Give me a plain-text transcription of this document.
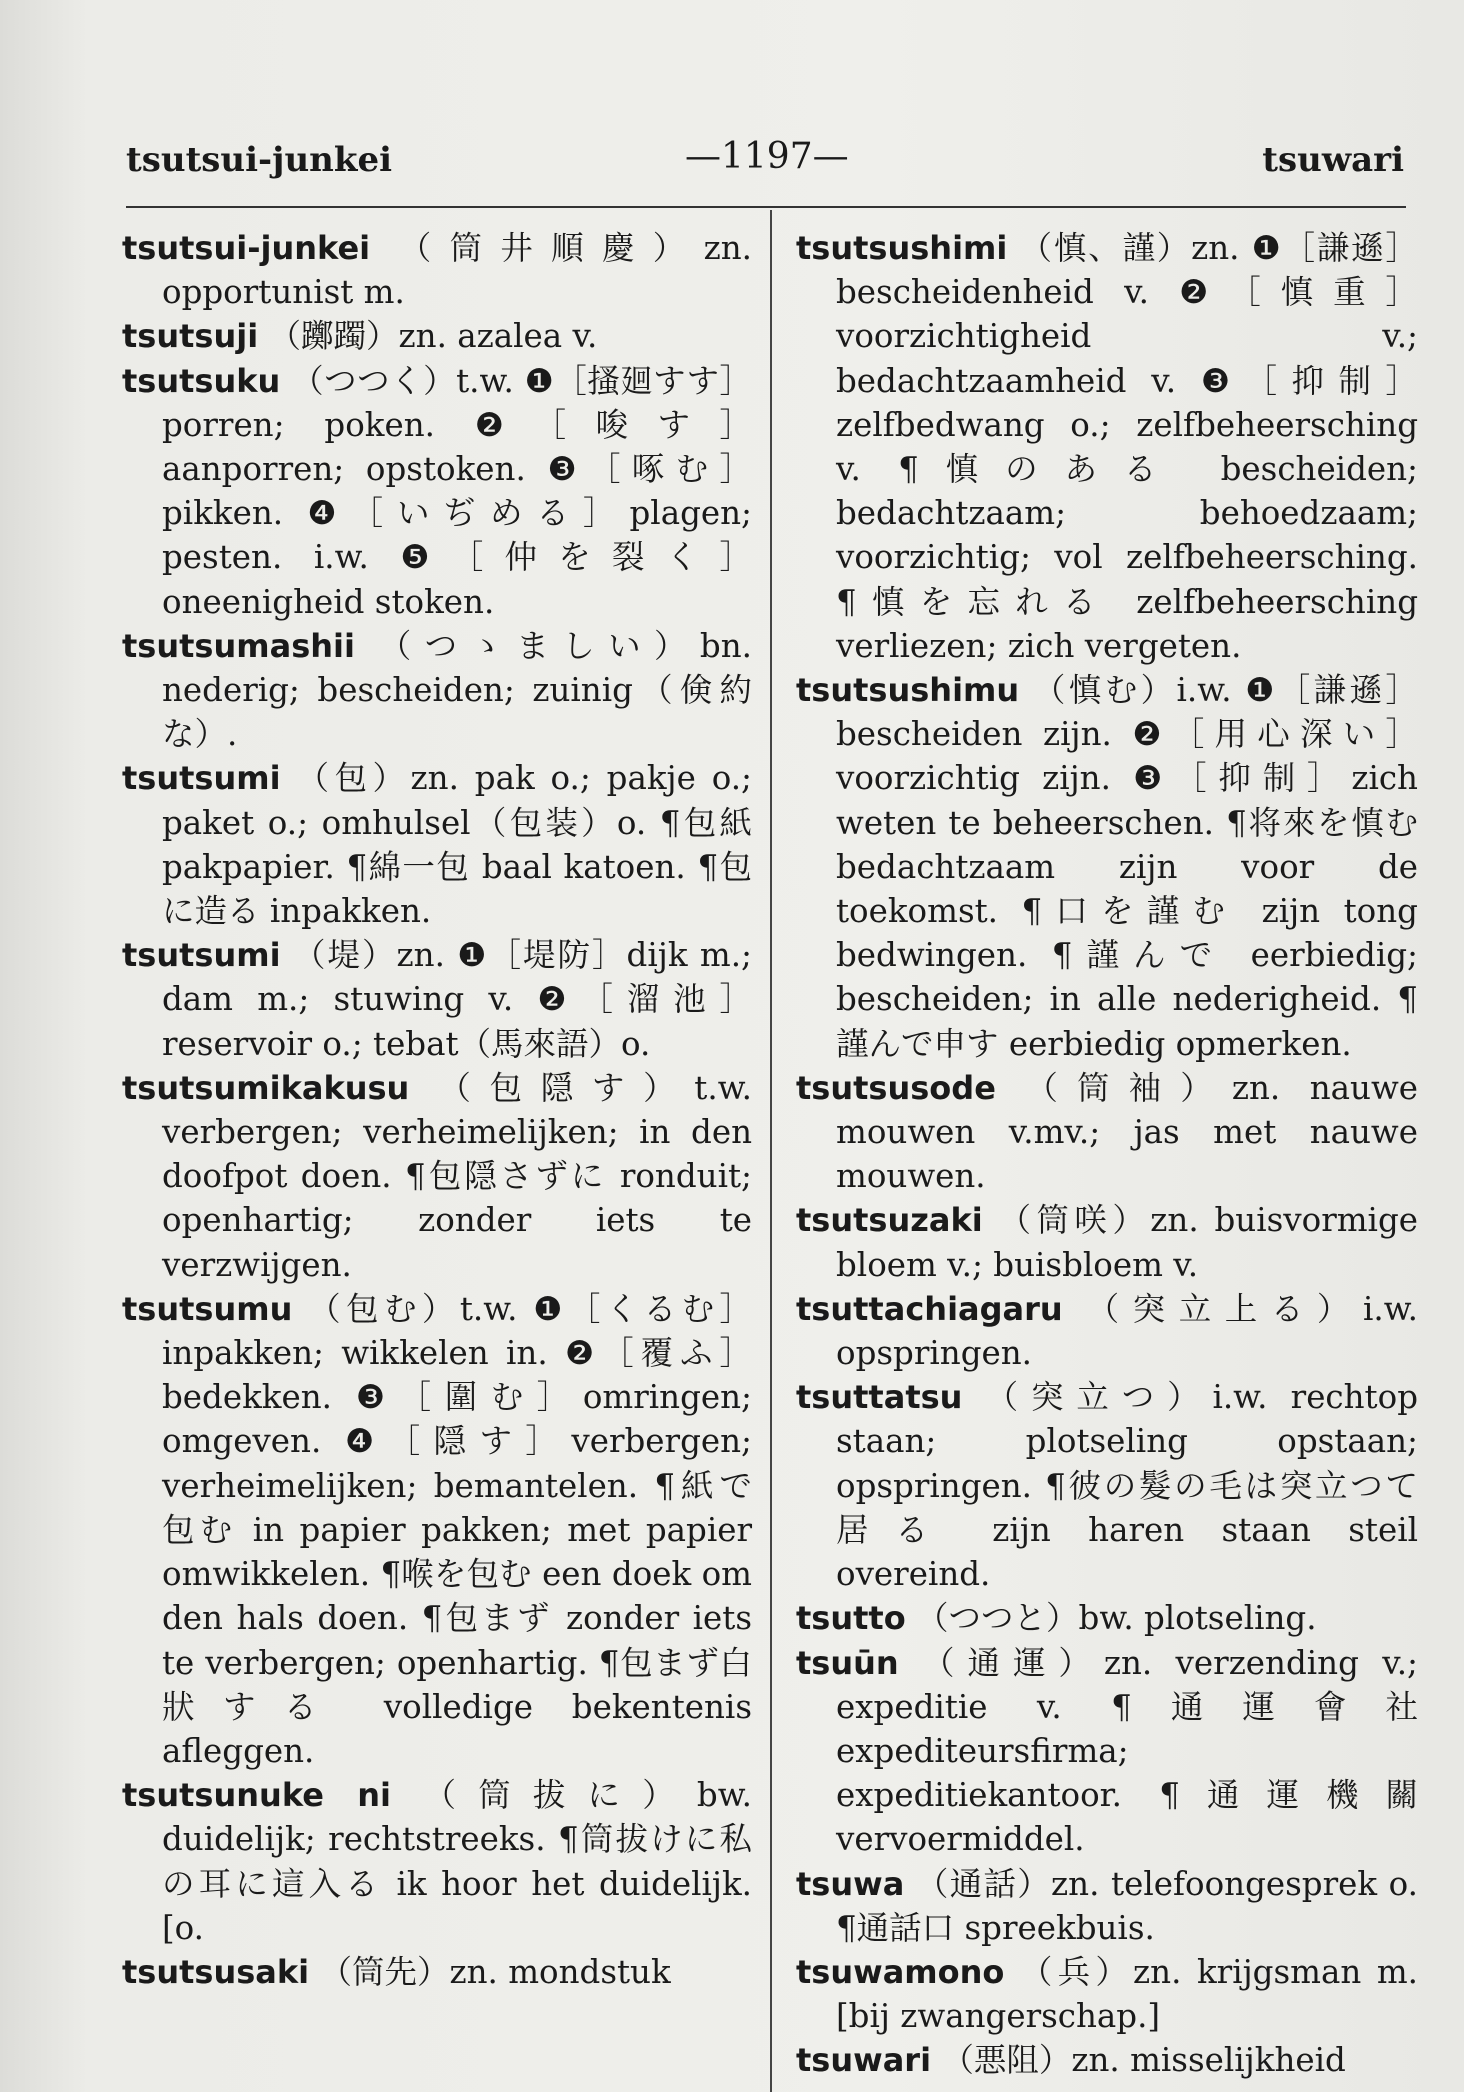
tsutsui-junkei	—1197—	tsuwari

tsutsui-junkei （筒井順慶）zn. opportunist m.

tsutsuji （躑躅）zn. azalea v.

tsutsuku （つつく）t.w. ❶［搔廻すす］porren; poken. ❷［唆す］aanporren; opstoken. ❸［啄む］pikken. ❹［いぢめる］plagen; pesten. i.w. ❺［仲を裂く］oneenigheid stoken.

tsutsumashii （つゝましい）bn. nederig; bescheiden; zuinig（倹約な）.

tsutsumi （包）zn. pak o.; pakje o.; paket o.; omhulsel（包装）o. ¶包紙 pakpapier. ¶綿一包 baal katoen. ¶包に造る inpakken.

tsutsumi （堤）zn. ❶［堤防］dijk m.; dam m.; stuwing v. ❷［溜池］reservoir o.; tebat（馬來語）o.

tsutsumikakusu （包隠す）t.w. verbergen; verheimelijken; in den doofpot doen. ¶包隠さずに ronduit; openhartig; zonder iets te verzwijgen.

tsutsumu （包む）t.w. ❶［くるむ］inpakken; wikkelen in. ❷［覆ふ］bedekken. ❸［圍む］omringen; omgeven. ❹［隠す］verbergen; verheimelijken; bemantelen. ¶紙で包む in papier pakken; met papier omwikkelen. ¶喉を包む een doek om den hals doen. ¶包まず zonder iets te verbergen; openhartig. ¶包まず白狀する volledige bekentenis afleggen.

tsutsunuke ni （筒拔に）bw. duidelijk; rechtstreeks. ¶筒拔けに私の耳に這入る ik hoor het duidelijk. [o.

tsutsusaki （筒先）zn. mondstuk

tsutsushimi （慎、謹）zn. ❶［謙遜］bescheidenheid v. ❷［慎重］voorzichtigheid v.; bedachtzaamheid v. ❸［抑制］zelfbedwang o.; zelfbeheersching v. ¶慎のある bescheiden; bedachtzaam; behoedzaam; voorzichtig; vol zelfbeheersching. ¶慎を忘れる zelfbeheersching verliezen; zich vergeten.

tsutsushimu （慎む）i.w. ❶［謙遜］bescheiden zijn. ❷［用心深い］voorzichtig zijn. ❸［抑制］zich weten te beheerschen. ¶将來を慎む bedachtzaam zijn voor de toekomst. ¶口を謹む zijn tong bedwingen. ¶謹んで eerbiedig; bescheiden; in alle nederigheid. ¶謹んで申す eerbiedig opmerken.

tsutsusode （筒袖）zn. nauwe mouwen v.mv.; jas met nauwe mouwen.

tsutsuzaki （筒咲）zn. buisvormige bloem v.; buisbloem v.

tsuttachiagaru （突立上る）i.w. opspringen.

tsuttatsu （突立つ）i.w. rechtop staan; plotseling opstaan; opspringen. ¶彼の髮の毛は突立つて居る zijn haren staan steil overeind.

tsutto （つつと）bw. plotseling.

tsuūn （通運）zn. verzending v.; expeditie v. ¶通運會社 expediteursfirma; expeditiekantoor. ¶通運機關 vervoermiddel.

tsuwa （通話）zn. telefoongesprek o. ¶通話口 spreekbuis.

tsuwamono （兵）zn. krijgsman m. [bij zwangerschap.]

tsuwari （悪阻）zn. misselijkheid
